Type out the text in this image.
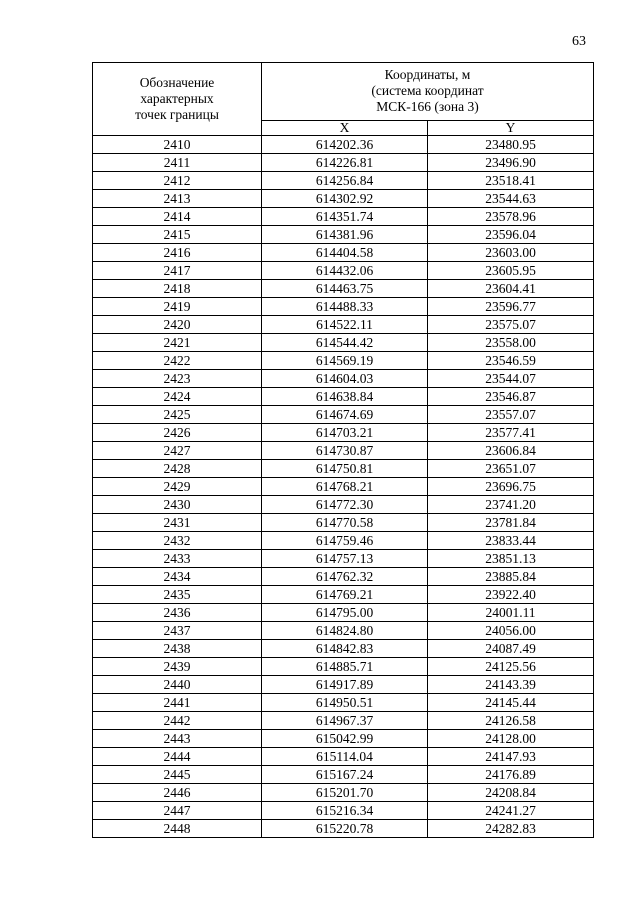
63
Обозначение
характерных
точек границы	Координаты, м
(система координат
МСК-166 (зона 3)	

	X	Y
2410	614202.36	23480.95
2411	614226.81	23496.90
2412	614256.84	23518.41
2413	614302.92	23544.63
2414	614351.74	23578.96
2415	614381.96	23596.04
2416	614404.58	23603.00
2417	614432.06	23605.95
2418	614463.75	23604.41
2419	614488.33	23596.77
2420	614522.11	23575.07
2421	614544.42	23558.00
2422	614569.19	23546.59
2423	614604.03	23544.07
2424	614638.84	23546.87
2425	614674.69	23557.07
2426	614703.21	23577.41
2427	614730.87	23606.84
2428	614750.81	23651.07
2429	614768.21	23696.75
2430	614772.30	23741.20
2431	614770.58	23781.84
2432	614759.46	23833.44
2433	614757.13	23851.13
2434	614762.32	23885.84
2435	614769.21	23922.40
2436	614795.00	24001.11
2437	614824.80	24056.00
2438	614842.83	24087.49
2439	614885.71	24125.56
2440	614917.89	24143.39
2441	614950.51	24145.44
2442	614967.37	24126.58
2443	615042.99	24128.00
2444	615114.04	24147.93
2445	615167.24	24176.89
2446	615201.70	24208.84
2447	615216.34	24241.27
2448	615220.78	24282.83
